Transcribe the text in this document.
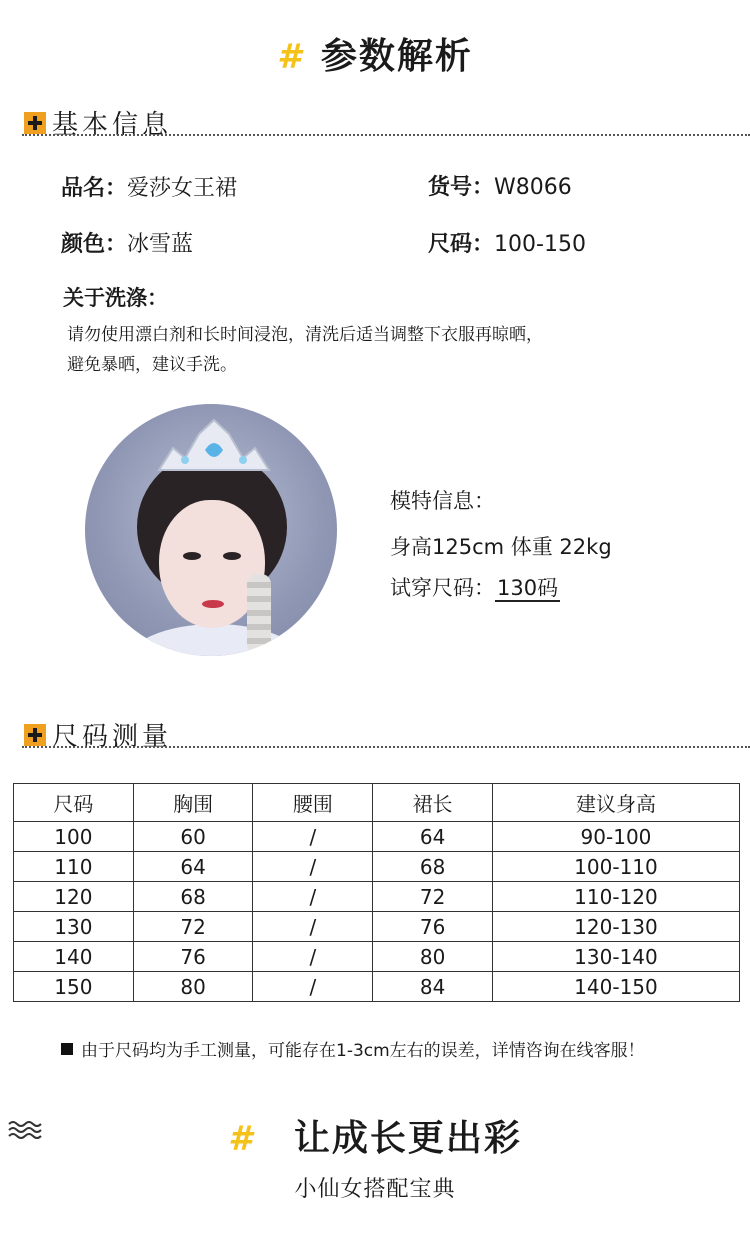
# 参数解析
基本信息
品名：爱莎女王裙	货号：W8066
颜色：冰雪蓝	尺码：100-150
关于洗涤：
请勿使用漂白剂和长时间浸泡，清洗后适当调整下衣服再晾晒，
避免暴晒，建议手洗。
模特信息：
身高125cm 体重 22kg
试穿尺码：130码
尺码测量
尺码	胸围	腰围	裙长	建议身高
100	60	/	64	90-100
110	64	/	68	100-110
120	68	/	72	110-120
130	72	/	76	120-130
140	76	/	80	130-140
150	80	/	84	140-150
由于尺码均为手工测量，可能存在1-3cm左右的误差，详情咨询在线客服！
# 让成长更出彩
小仙女搭配宝典
